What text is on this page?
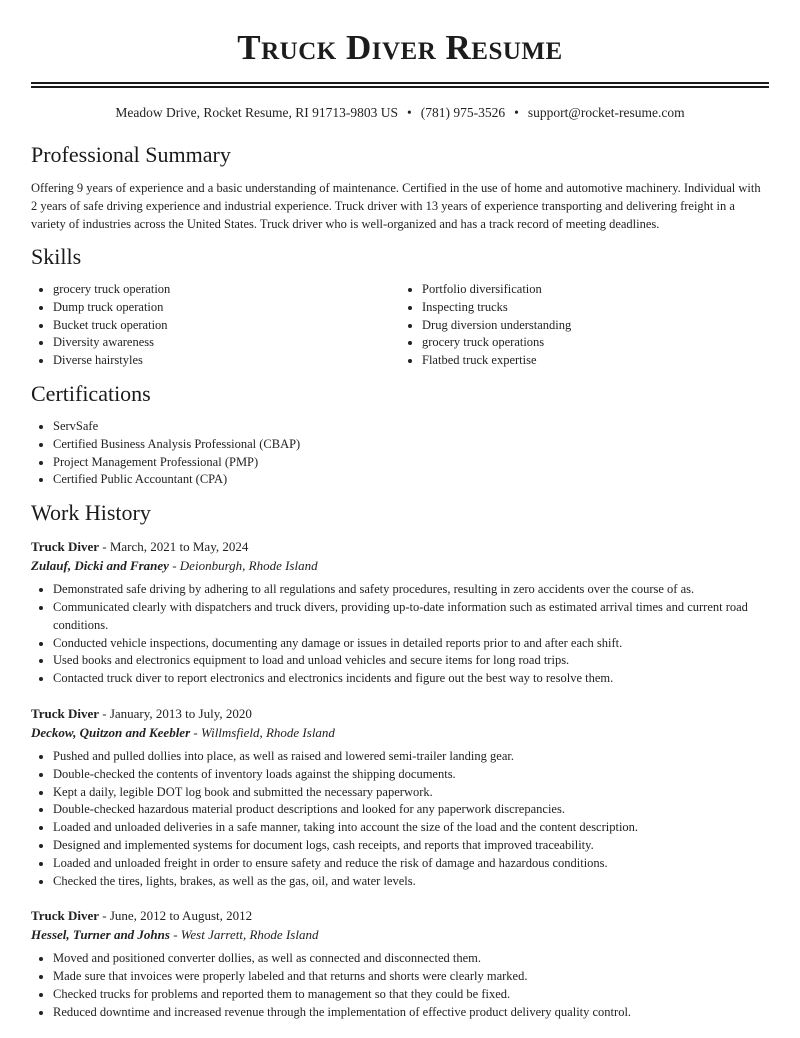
Truck Diver Resume
Meadow Drive, Rocket Resume, RI 91713-9803 US • (781) 975-3526 • support@rocket-resume.com
Professional Summary

Offering 9 years of experience and a basic understanding of maintenance. Certified in the use of home and automotive machinery. Individual with 2 years of safe driving experience and industrial experience. Truck driver with 13 years of experience transporting and delivering freight in a variety of industries across the United States. Truck driver who is well-organized and has a track record of meeting deadlines.

Skills
• grocery truck operation
• Dump truck operation
• Bucket truck operation
• Diversity awareness
• Diverse hairstyles
• Portfolio diversification
• Inspecting trucks
• Drug diversion understanding
• grocery truck operations
• Flatbed truck expertise
Certifications
• ServSafe
• Certified Business Analysis Professional (CBAP)
• Project Management Professional (PMP)
• Certified Public Accountant (CPA)
Work History
Truck Diver - March, 2021 to May, 2024
Zulauf, Dicki and Franey - Deionburgh, Rhode Island
• Demonstrated safe driving by adhering to all regulations and safety procedures, resulting in zero accidents over the course of as.
• Communicated clearly with dispatchers and truck divers, providing up-to-date information such as estimated arrival times and current road conditions.
• Conducted vehicle inspections, documenting any damage or issues in detailed reports prior to and after each shift.
• Used books and electronics equipment to load and unload vehicles and secure items for long road trips.
• Contacted truck diver to report electronics and electronics incidents and figure out the best way to resolve them.
Truck Diver - January, 2013 to July, 2020
Deckow, Quitzon and Keebler - Willmsfield, Rhode Island
• Pushed and pulled dollies into place, as well as raised and lowered semi-trailer landing gear.
• Double-checked the contents of inventory loads against the shipping documents.
• Kept a daily, legible DOT log book and submitted the necessary paperwork.
• Double-checked hazardous material product descriptions and looked for any paperwork discrepancies.
• Loaded and unloaded deliveries in a safe manner, taking into account the size of the load and the content description.
• Designed and implemented systems for document logs, cash receipts, and reports that improved traceability.
• Loaded and unloaded freight in order to ensure safety and reduce the risk of damage and hazardous conditions.
• Checked the tires, lights, brakes, as well as the gas, oil, and water levels.
Truck Diver - June, 2012 to August, 2012
Hessel, Turner and Johns - West Jarrett, Rhode Island
• Moved and positioned converter dollies, as well as connected and disconnected them.
• Made sure that invoices were properly labeled and that returns and shorts were clearly marked.
• Checked trucks for problems and reported them to management so that they could be fixed.
• Reduced downtime and increased revenue through the implementation of effective product delivery quality control.
